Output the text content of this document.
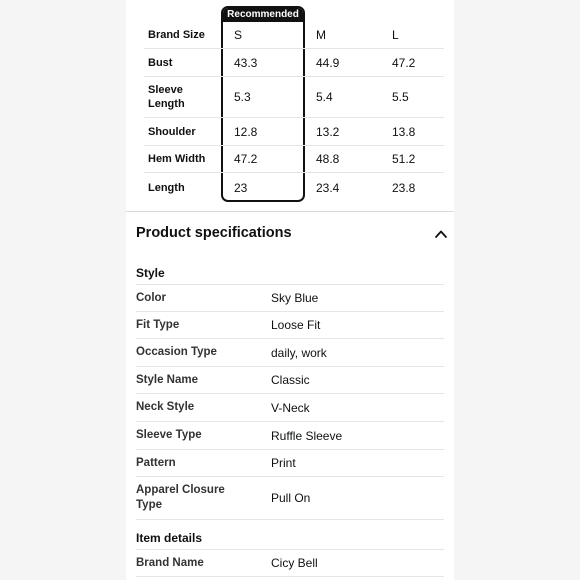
Recommended
Brand Size	S	M	L
Bust	43.3	44.9	47.2
Sleeve Length	5.3	5.4	5.5
Shoulder	12.8	13.2	13.8
Hem Width	47.2	48.8	51.2
Length	23	23.4	23.8
Product specifications
Style
Color	Sky Blue
Fit Type	Loose Fit
Occasion Type	daily, work
Style Name	Classic
Neck Style	V-Neck
Sleeve Type	Ruffle Sleeve
Pattern	Print
Apparel Closure Type	Pull On
Item details
Brand Name	Cicy Bell
